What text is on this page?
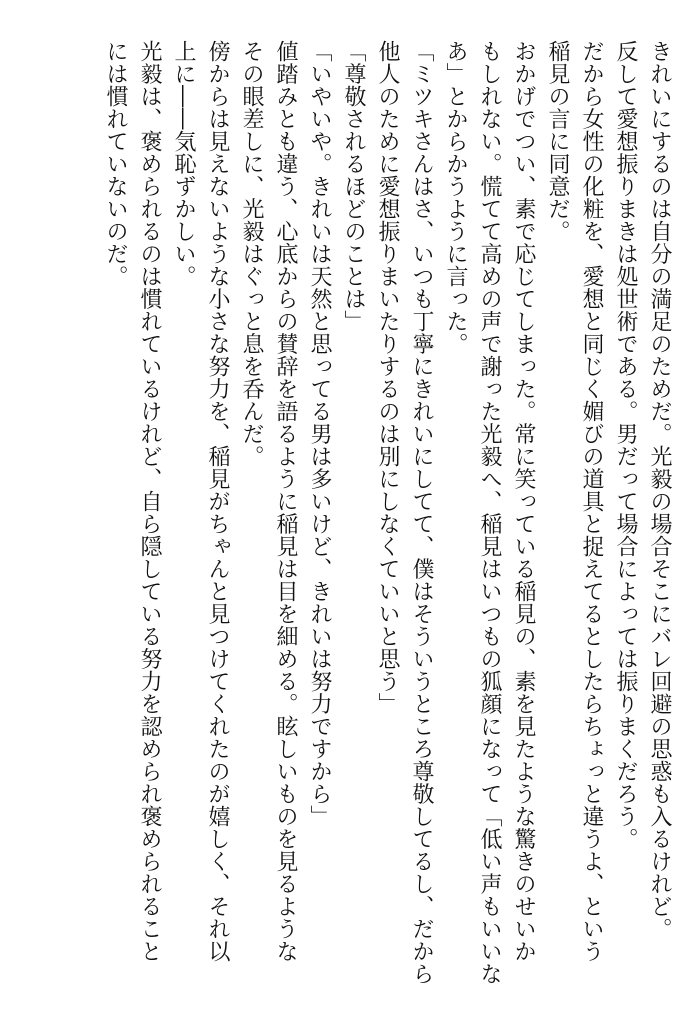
きれいにするのは自分の満足のためだ。光毅の場合そこにバレ回避の思惑も入るけれど。

反して愛想振りまきは処世術である。男だって場合によっては振りまくだろう。

だから女性の化粧を、愛想と同じく媚びの道具と捉えてるとしたらちょっと違うよ、という

稲見の言に同意だ。

おかげでつい、素で応じてしまった。常に笑っている稲見の、素を見たような驚きのせいか

もしれない。慌てて高めの声で謝った光毅へ、稲見はいつもの狐顔になって「低い声もいいな

あ」とからかうように言った。

「ミツキさんはさ、いつも丁寧にきれいにしてて、僕はそういうところ尊敬してるし、だから

他人のために愛想振りまいたりするのは別にしなくていいと思う」

「尊敬されるほどのことは」

「いやいや。きれいは天然と思ってる男は多いけど、きれいは努力ですから」

値踏みとも違う、心底からの賛辞を語るように稲見は目を細める。眩しいものを見るような

その眼差しに、光毅はぐっと息を呑んだ。

傍からは見えないような小さな努力を、稲見がちゃんと見つけてくれたのが嬉しく、それ以

上に――気恥ずかしい。

光毅は、褒められるのは慣れているけれど、自ら隠している努力を認められ褒められること

には慣れていないのだ。
